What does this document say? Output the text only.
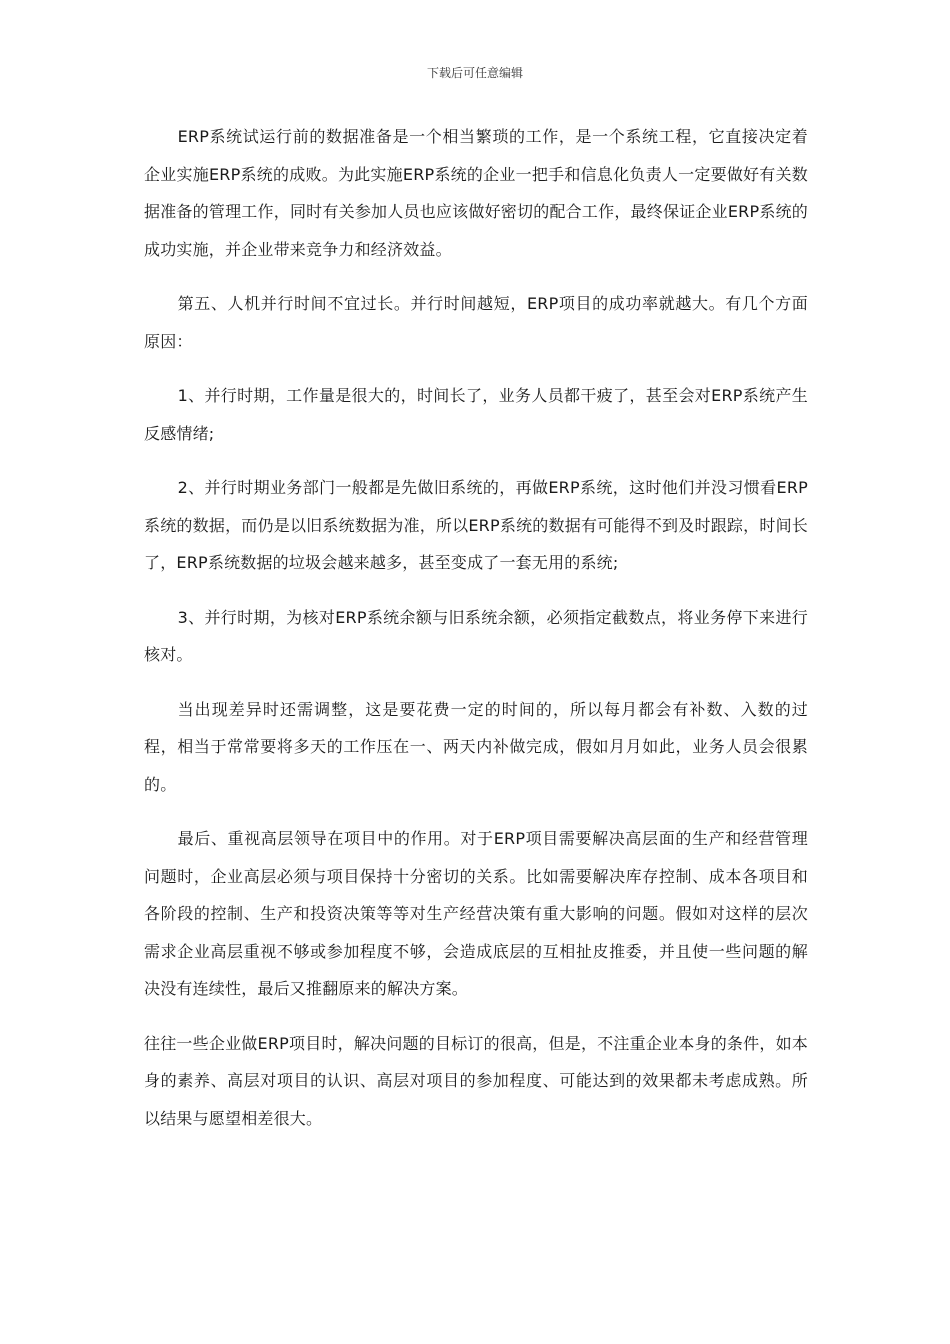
下载后可任意编辑

ERP系统试运行前的数据准备是一个相当繁琐的工作，是一个系统工程，它直接决定着企业实施ERP系统的成败。为此实施ERP系统的企业一把手和信息化负责人一定要做好有关数据准备的管理工作，同时有关参加人员也应该做好密切的配合工作，最终保证企业ERP系统的成功实施，并企业带来竞争力和经济效益。

第五、人机并行时间不宜过长。并行时间越短，ERP项目的成功率就越大。有几个方面原因：

1、并行时期，工作量是很大的，时间长了，业务人员都干疲了，甚至会对ERP系统产生反感情绪;

2、并行时期业务部门一般都是先做旧系统的，再做ERP系统，这时他们并没习惯看ERP系统的数据，而仍是以旧系统数据为准，所以ERP系统的数据有可能得不到及时跟踪，时间长了，ERP系统数据的垃圾会越来越多，甚至变成了一套无用的系统;

3、并行时期，为核对ERP系统余额与旧系统余额，必须指定截数点，将业务停下来进行核对。

当出现差异时还需调整，这是要花费一定的时间的，所以每月都会有补数、入数的过程，相当于常常要将多天的工作压在一、两天内补做完成，假如月月如此，业务人员会很累的。

最后、重视高层领导在项目中的作用。对于ERP项目需要解决高层面的生产和经营管理问题时，企业高层必须与项目保持十分密切的关系。比如需要解决库存控制、成本各项目和各阶段的控制、生产和投资决策等等对生产经营决策有重大影响的问题。假如对这样的层次需求企业高层重视不够或参加程度不够，会造成底层的互相扯皮推委，并且使一些问题的解决没有连续性，最后又推翻原来的解决方案。

往往一些企业做ERP项目时，解决问题的目标订的很高，但是，不注重企业本身的条件，如本身的素养、高层对项目的认识、高层对项目的参加程度、可能达到的效果都未考虑成熟。所以结果与愿望相差很大。
